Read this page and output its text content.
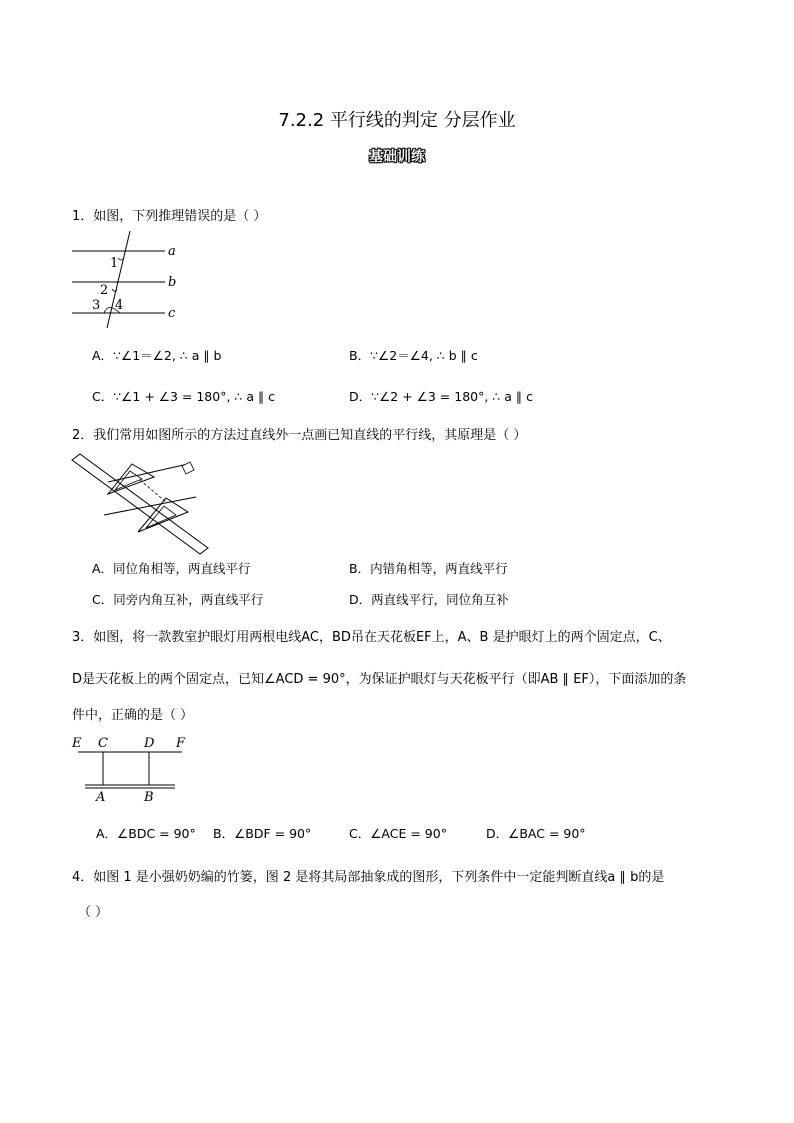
7.2.2 平行线的判定 分层作业
基础训练
1．如图，下列推理错误的是（ ）
a
b
c
1
2
3 4
A．∵∠1＝∠2, ∴ a ∥ b	B．∵∠2＝∠4, ∴ b ∥ c
C．∵∠1 + ∠3 = 180°, ∴ a ∥ c	D．∵∠2 + ∠3 = 180°, ∴ a ∥ c
2．我们常用如图所示的方法过直线外一点画已知直线的平行线，其原理是（ ）
A．同位角相等，两直线平行	B．内错角相等，两直线平行
C．同旁内角互补，两直线平行	D．两直线平行，同位角互补
3．如图，将一款教室护眼灯用两根电线AC，BD吊在天花板EF上，A、B 是护眼灯上的两个固定点，C、
D是天花板上的两个固定点，已知∠ACD = 90°，为保证护眼灯与天花板平行（即AB ∥ EF），下面添加的条
件中，正确的是（ ）
E C	D F
A	B
A．∠BDC = 90° B．∠BDF = 90°	C．∠ACE = 90°	D．∠BAC = 90°
4．如图 1 是小强奶奶编的竹篓，图 2 是将其局部抽象成的图形，下列条件中一定能判断直线a ∥ b的是
（ ）
